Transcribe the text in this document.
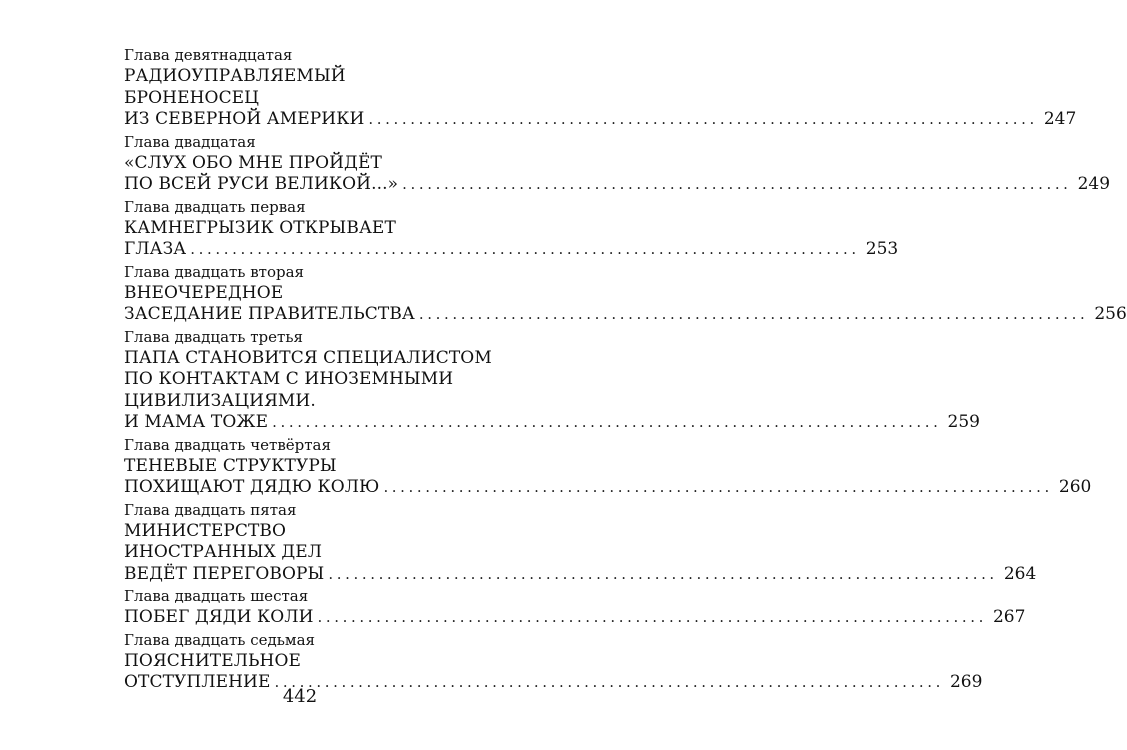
Глава девятнадцатая
РАДИОУПРАВЛЯЕМЫЙ
БРОНЕНОСЕЦ
ИЗ СЕВЕРНОЙ АМЕРИКИ ................................................................................ 247
Глава двадцатая
«СЛУХ ОБО МНЕ ПРОЙДЁТ
ПО ВСЕЙ РУСИ ВЕЛИКОЙ...» ................................................................................ 249
Глава двадцать первая
КАМНЕГРЫЗИК ОТКРЫВАЕТ
ГЛАЗА ................................................................................ 253
Глава двадцать вторая
ВНЕОЧЕРЕДНОЕ
ЗАСЕДАНИЕ ПРАВИТЕЛЬСТВА ................................................................................ 256
Глава двадцать третья
ПАПА СТАНОВИТСЯ СПЕЦИАЛИСТОМ
ПО КОНТАКТАМ С ИНОЗЕМНЫМИ
ЦИВИЛИЗАЦИЯМИ.
И МАМА ТОЖЕ ................................................................................ 259
Глава двадцать четвёртая
ТЕНЕВЫЕ СТРУКТУРЫ
ПОХИЩАЮТ ДЯДЮ КОЛЮ ................................................................................ 260
Глава двадцать пятая
МИНИСТЕРСТВО
ИНОСТРАННЫХ ДЕЛ
ВЕДЁТ ПЕРЕГОВОРЫ ................................................................................ 264
Глава двадцать шестая
ПОБЕГ ДЯДИ КОЛИ ................................................................................ 267
Глава двадцать седьмая
ПОЯСНИТЕЛЬНОЕ
ОТСТУПЛЕНИЕ ................................................................................ 269
442
